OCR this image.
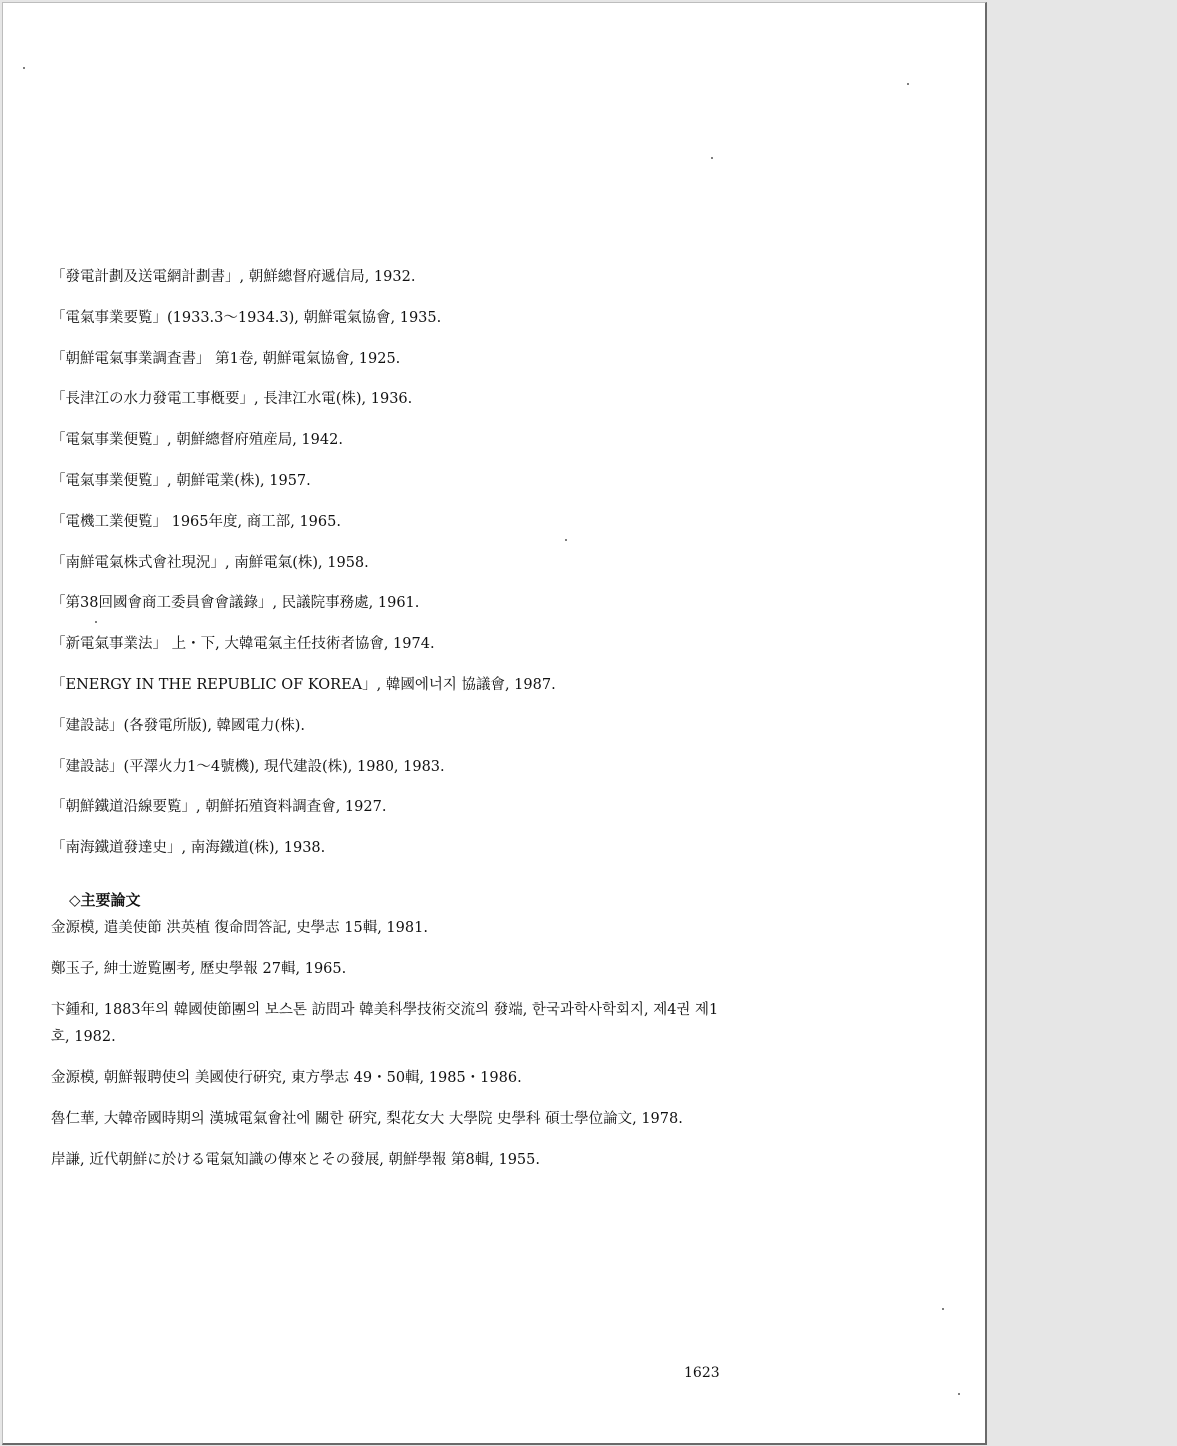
「發電計劃及送電網計劃書」, 朝鮮總督府遞信局, 1932.
「電氣事業要覧」(1933.3〜1934.3), 朝鮮電氣協會, 1935.
「朝鮮電氣事業調査書」 第1卷, 朝鮮電氣協會, 1925.
「長津江の水力發電工事槪要」, 長津江水電(株), 1936.
「電氣事業便覧」, 朝鮮總督府殖産局, 1942.
「電氣事業便覧」, 朝鮮電業(株), 1957.
「電機工業便覧」 1965年度, 商工部, 1965.
「南鮮電氣株式會社現況」, 南鮮電氣(株), 1958.
「第38回國會商工委員會會議錄」, 民議院事務處, 1961.
「新電氣事業法」 上・下, 大韓電氣主任技術者協會, 1974.
「ENERGY IN THE REPUBLIC OF KOREA」, 韓國에너지 協議會, 1987.
「建設誌」(各發電所版), 韓國電力(株).
「建設誌」(平澤火力1〜4號機), 現代建設(株), 1980, 1983.
「朝鮮鐵道沿線要覧」, 朝鮮拓殖資料調査會, 1927.
「南海鐵道發達史」, 南海鐵道(株), 1938.
◇主要論文
金源模, 遣美使節 洪英植 復命問答記, 史學志 15輯, 1981.
鄭玉子, 紳士遊覧團考, 歷史學報 27輯, 1965.
卞鍾和, 1883年의 韓國使節團의 보스톤 訪問과 韓美科學技術交流의 發端, 한국과학사학회지, 제4권 제1호, 1982.
金源模, 朝鮮報聘使의 美國使行硏究, 東方學志 49・50輯, 1985・1986.
魯仁華, 大韓帝國時期의 漢城電氣會社에 關한 硏究, 梨花女大 大學院 史學科 碩士學位論文, 1978.
岸謙, 近代朝鮮に於ける電氣知識の傳來とその發展, 朝鮮學報 第8輯, 1955.
1623
